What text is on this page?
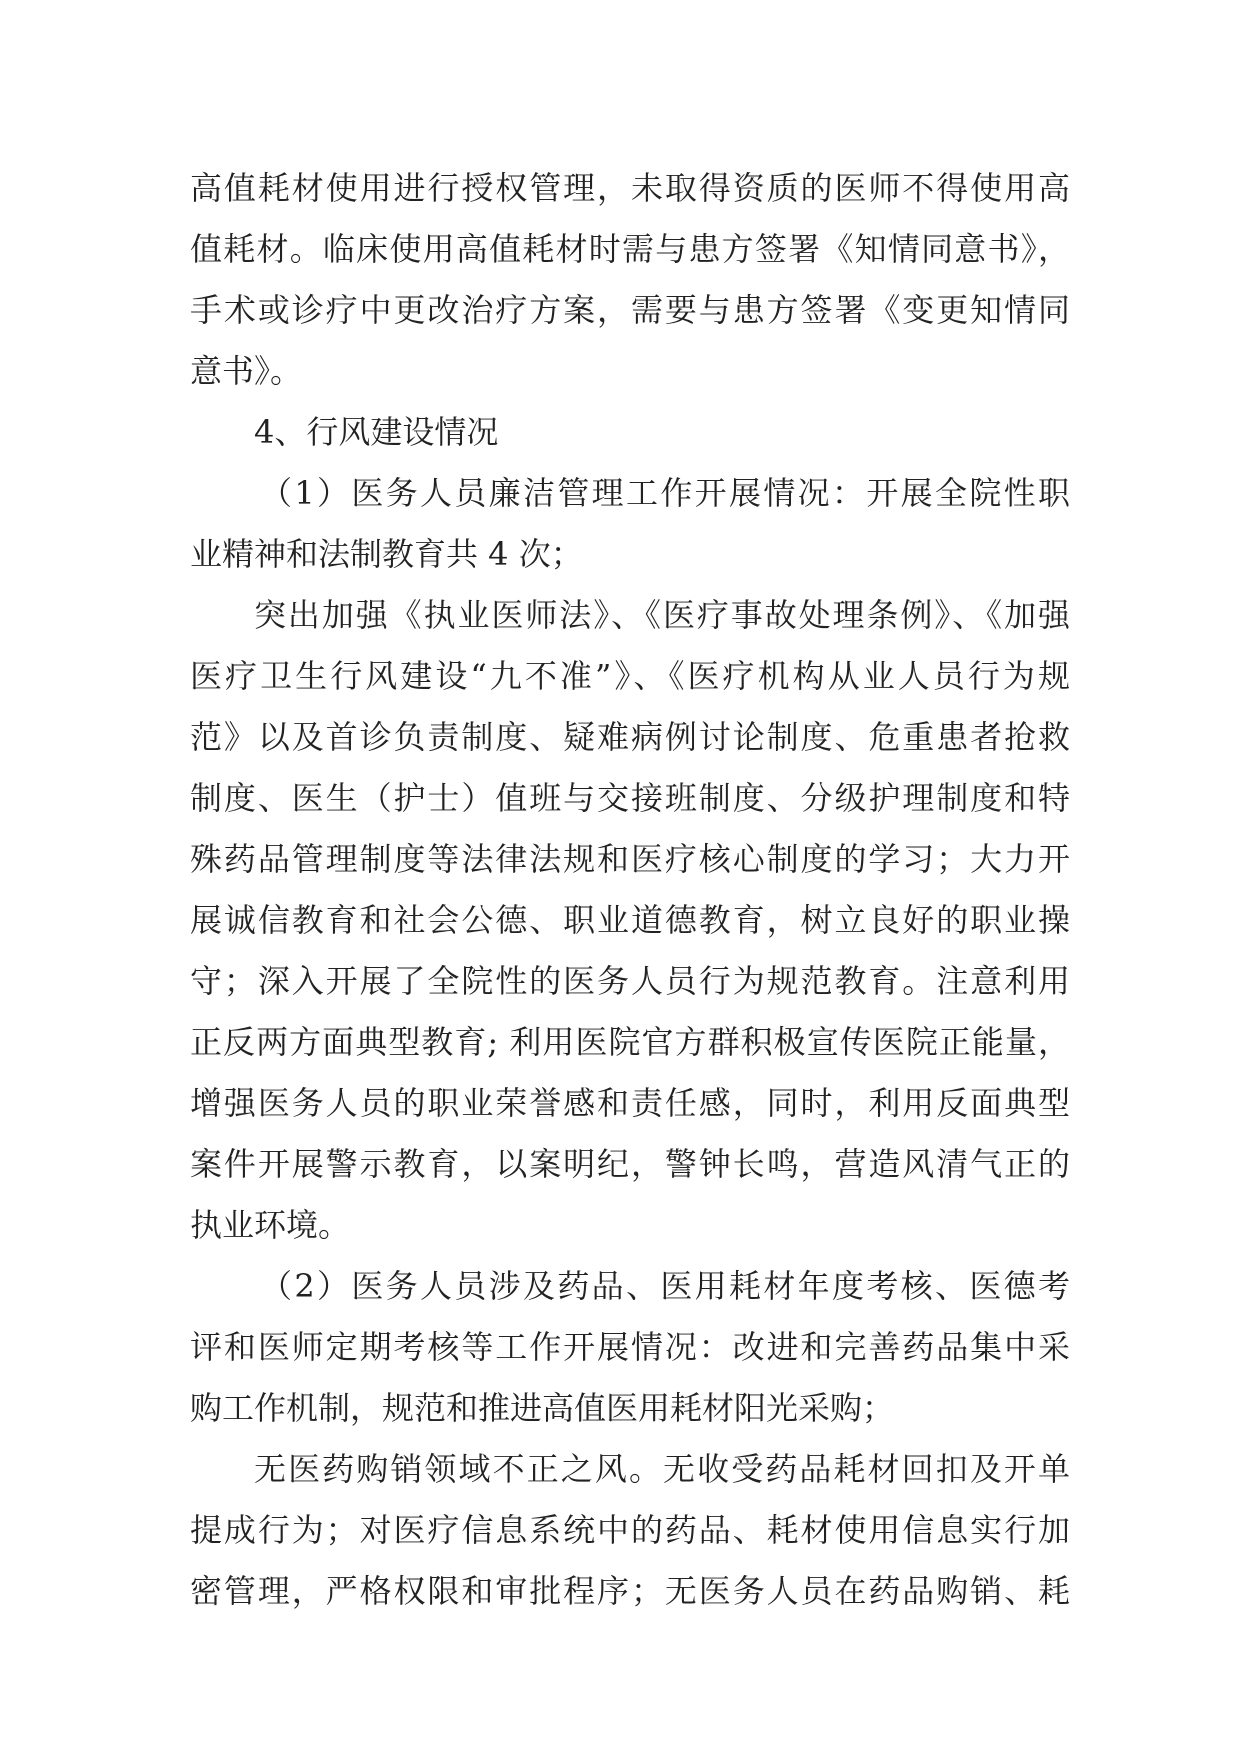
高值耗材使用进行授权管理，未取得资质的医师不得使用高
值耗材。临床使用高值耗材时需与患方签署《知情同意书》，
手术或诊疗中更改治疗方案，需要与患方签署《变更知情同
意书》。
4、行风建设情况
（1）医务人员廉洁管理工作开展情况：开展全院性职
业精神和法制教育共 4 次；
突出加强《执业医师法》、《医疗事故处理条例》、《加强
医疗卫生行风建设“九不准”》、《医疗机构从业人员行为规
范》以及首诊负责制度、疑难病例讨论制度、危重患者抢救
制度、医生（护士）值班与交接班制度、分级护理制度和特
殊药品管理制度等法律法规和医疗核心制度的学习；大力开
展诚信教育和社会公德、职业道德教育，树立良好的职业操
守；深入开展了全院性的医务人员行为规范教育。注意利用
正反两方面典型教育; 利用医院官方群积极宣传医院正能量，
增强医务人员的职业荣誉感和责任感，同时，利用反面典型
案件开展警示教育，以案明纪，警钟长鸣，营造风清气正的
执业环境。
（2）医务人员涉及药品、医用耗材年度考核、医德考
评和医师定期考核等工作开展情况：改进和完善药品集中采
购工作机制，规范和推进高值医用耗材阳光采购；
无医药购销领域不正之风。无收受药品耗材回扣及开单
提成行为；对医疗信息系统中的药品、耗材使用信息实行加
密管理，严格权限和审批程序；无医务人员在药品购销、耗
